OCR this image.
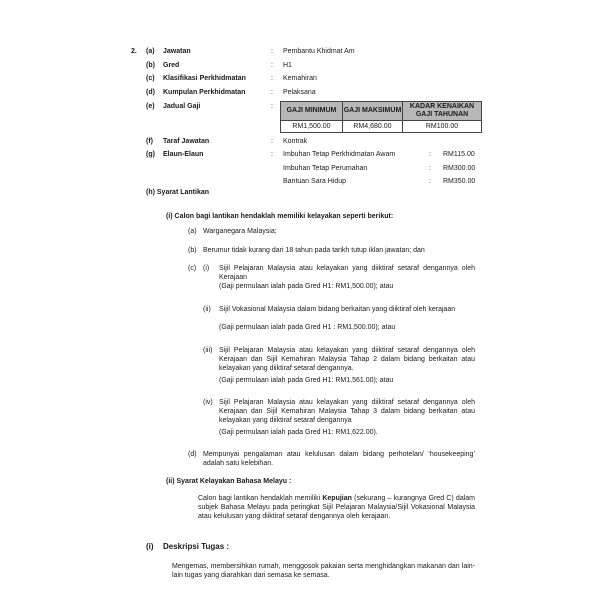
2. (a) Jawatan	: Pembantu Khidmat Am
(b) Gred	: H1
(c) Klasifikasi Perkhidmatan	: Kemahiran
(d) Kumpulan Perkhidmatan	: Pelaksana
(e) Jadual Gaji	:
(f) Taraf Jawatan	: Kontrak
(g) Elaun-Elaun	:
GAJI MINIMUM	GAJI MAKSIMUM	KADAR KENAIKAN GAJI TAHUNAN
RM1,500.00	RM4,680.00	RM100.00
Imbuhan Tetap Perkhidmatan Awam	: RM115.00
Imbuhan Tetap Perumahan	: RM300.00
Bantuan Sara Hidup	: RM350.00
(h) Syarat Lantikan
(i) Calon bagi lantikan hendaklah memiliki kelayakan seperti berikut:
(a) Warganegara Malaysia;
(b) Berumur tidak kurang dari 18 tahun pada tarikh tutup iklan jawatan; dan
(c) (i) Sijil Pelajaran Malaysia atau kelayakan yang diiktiraf setaraf dengannya oleh Kerajaan
(Gaji permulaan ialah pada Gred H1: RM1,500.00); atau
(ii) Sijil Vokasional Malaysia dalam bidang berkaitan yang diiktiraf oleh kerajaan
(Gaji permulaan ialah pada Gred H1 : RM1,500.00); atau
(iii) Sijil Pelajaran Malaysia atau kelayakan yang diiktiraf setaraf dengannya oleh Kerajaan dan Sijil Kemahiran Malaysia Tahap 2 dalam bidang berkaitan atau kelayakan yang diiktiraf setaraf dengannya.
(Gaji permulaan ialah pada Gred H1: RM1,561.00); atau
(iv) Sijil Pelajaran Malaysia atau kelayakan yang diiktiraf setaraf dengannya oleh Kerajaan dan Sijil Kemahiran Malaysia Tahap 3 dalam bidang berkaitan atau kelayakan yang diiktiraf setaraf dengannya
(Gaji permulaan ialah pada Gred H1: RM1,622.00).
(d) Mempunyai pengalaman atau kelulusan dalam bidang perhotelan/ ‘housekeeping’ adalah satu kelebihan.
(ii) Syarat Kelayakan Bahasa Melayu :
Calon bagi lantikan hendaklah memiliki Kepujian (sekurang – kurangnya Gred C) dalam subjek Bahasa Melayu pada peringkat Sijil Pelajaran Malaysia/Sijil Vokasional Malaysia atau kelulusan yang diiktiraf setaraf dengannya oleh kerajaan.
(i) Deskripsi Tugas :
Mengemas, membersihkan rumah, menggosok pakaian serta menghidangkan makanan dan lain-lain tugas yang diarahkan dari semasa ke semasa.
